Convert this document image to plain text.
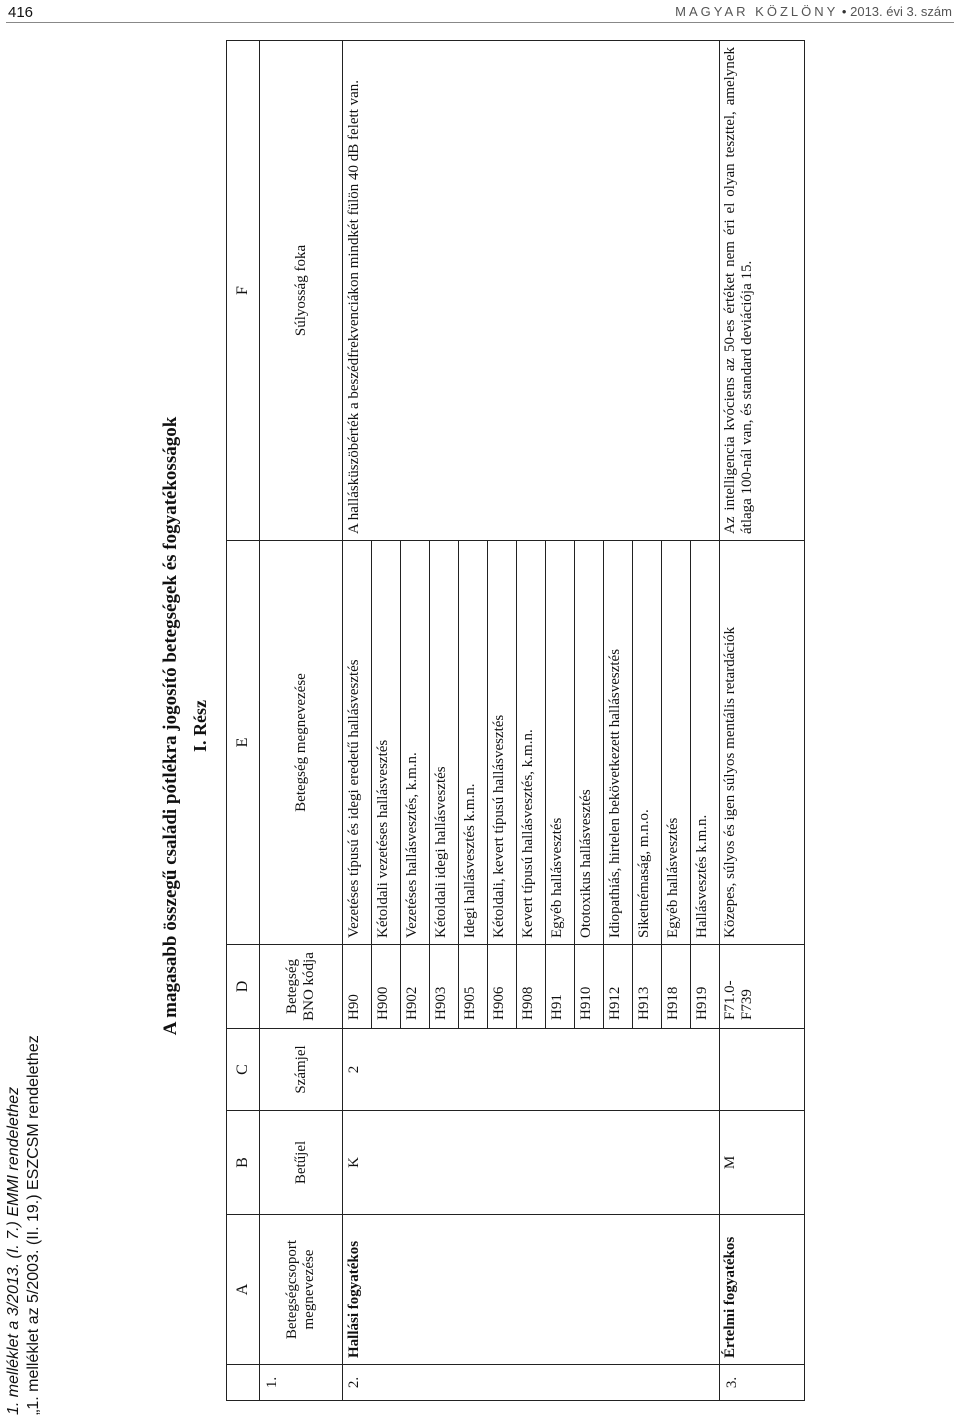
416	MAGYAR KÖZLÖNY • 2013. évi 3. szám
1. melléklet a 3/2013. (I. 7.) EMMI rendelethez „1. melléklet az 5/2003. (II. 19.) ESZCSM rendelethez
A magasabb összegű családi pótlékra jogosító betegségek és fogyatékosságok I. Rész
	A	B	C	D	E	F
1.	Betegségcsoport megnevezése	Betűjel	Számjel	Betegség BNO kódja	Betegség megnevezése	Súlyosság foka
2.	Hallási fogyatékos	K	2	H90	Vezetéses típusú és idegi eredetű hallásvesztés	A hallásküszöbérték a beszédfrekvenciákon mindkét fülön 40 dB felett van.
				H900	Kétoldali vezetéses hallásvesztés	
				H902	Vezetéses hallásvesztés, k.m.n.	
				H903	Kétoldali idegi hallásvesztés	
				H905	Idegi hallásvesztés k.m.n.	
				H906	Kétoldali, kevert típusú hallásvesztés	
				H908	Kevert típusú hallásvesztés, k.m.n.	
				H91	Egyéb hallásvesztés	
				H910	Ototoxikus hallásvesztés	
				H912	Idiopathiás, hirtelen bekövetkezett hallásvesztés	
				H913	Siketnémaság, m.n.o.	
				H918	Egyéb hallásvesztés	
				H919	Hallásvesztés k.m.n.	
3.	Értelmi fogyatékos	M		F71.0-F739	Közepes, súlyos és igen súlyos mentális retardációk	Az intelligencia kvóciens az 50-es értéket nem éri el olyan teszttel, amelynek átlaga 100-nál van, és standard deviációja 15.
